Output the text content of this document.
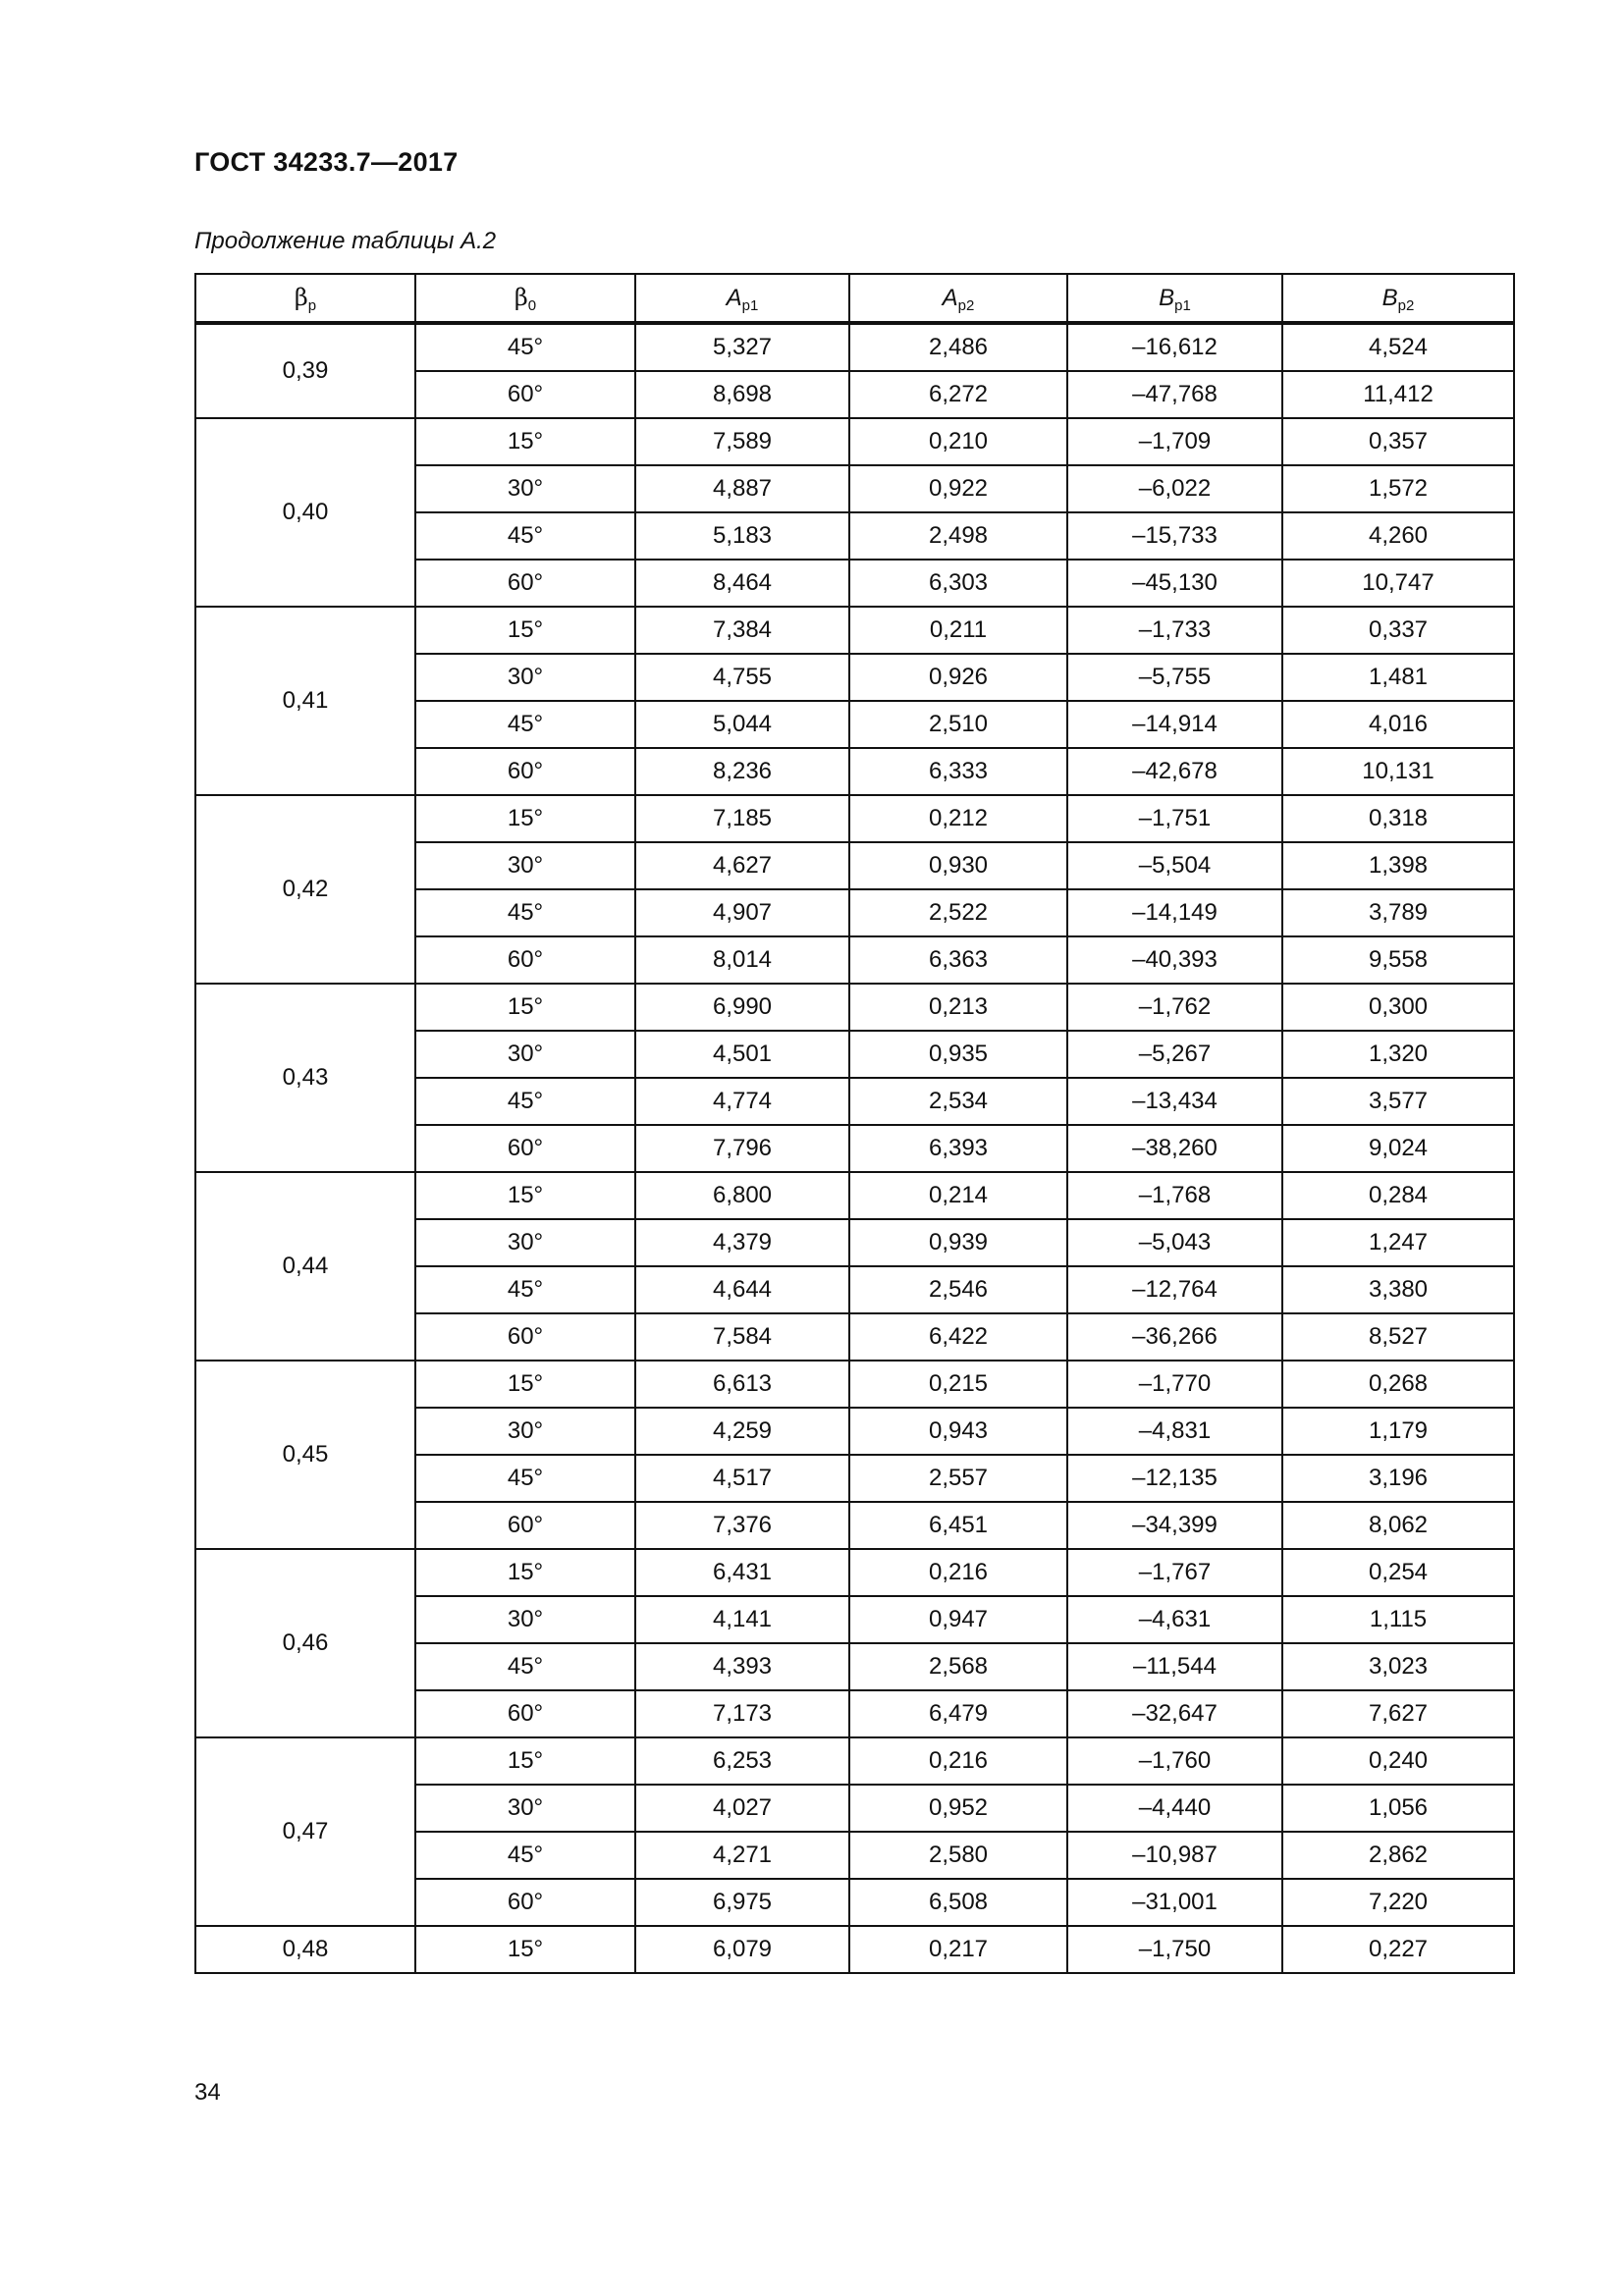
ГОСТ 34233.7—2017
Продолжение таблицы А.2
$\beta_p$	$\beta_0$	$A_{p1}$	$A_{p2}$	$B_{p1}$	$B_{p2}$
0,39	45°	5,327	2,486	–16,612	4,524
	60°	8,698	6,272	–47,768	11,412
0,40	15°	7,589	0,210	–1,709	0,357
	30°	4,887	0,922	–6,022	1,572
	45°	5,183	2,498	–15,733	4,260
	60°	8,464	6,303	–45,130	10,747
0,41	15°	7,384	0,211	–1,733	0,337
	30°	4,755	0,926	–5,755	1,481
	45°	5,044	2,510	–14,914	4,016
	60°	8,236	6,333	–42,678	10,131
0,42	15°	7,185	0,212	–1,751	0,318
	30°	4,627	0,930	–5,504	1,398
	45°	4,907	2,522	–14,149	3,789
	60°	8,014	6,363	–40,393	9,558
0,43	15°	6,990	0,213	–1,762	0,300
	30°	4,501	0,935	–5,267	1,320
	45°	4,774	2,534	–13,434	3,577
	60°	7,796	6,393	–38,260	9,024
0,44	15°	6,800	0,214	–1,768	0,284
	30°	4,379	0,939	–5,043	1,247
	45°	4,644	2,546	–12,764	3,380
	60°	7,584	6,422	–36,266	8,527
0,45	15°	6,613	0,215	–1,770	0,268
	30°	4,259	0,943	–4,831	1,179
	45°	4,517	2,557	–12,135	3,196
	60°	7,376	6,451	–34,399	8,062
0,46	15°	6,431	0,216	–1,767	0,254
	30°	4,141	0,947	–4,631	1,115
	45°	4,393	2,568	–11,544	3,023
	60°	7,173	6,479	–32,647	7,627
0,47	15°	6,253	0,216	–1,760	0,240
	30°	4,027	0,952	–4,440	1,056
	45°	4,271	2,580	–10,987	2,862
	60°	6,975	6,508	–31,001	7,220
0,48	15°	6,079	0,217	–1,750	0,227
34
